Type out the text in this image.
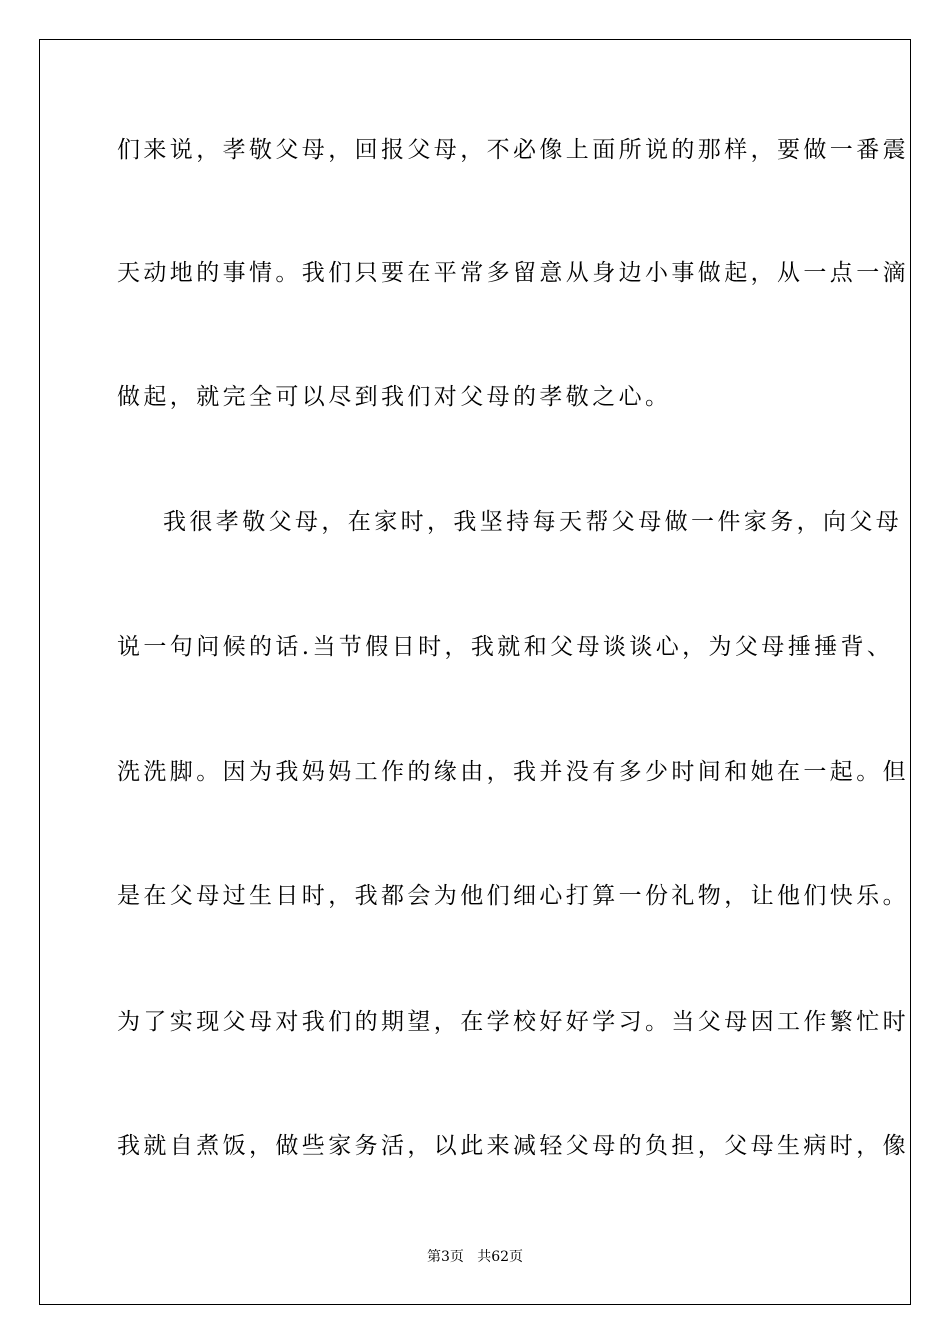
们来说，孝敬父母，回报父母，不必像上面所说的那样，要做一番震
天动地的事情。我们只要在平常多留意从身边小事做起，从一点一滴
做起，就完全可以尽到我们对父母的孝敬之心。
我很孝敬父母，在家时，我坚持每天帮父母做一件家务，向父母
说一句问候的话.当节假日时，我就和父母谈谈心，为父母捶捶背、
洗洗脚。因为我妈妈工作的缘由，我并没有多少时间和她在一起。但
是在父母过生日时，我都会为他们细心打算一份礼物，让他们快乐。
为了实现父母对我们的期望，在学校好好学习。当父母因工作繁忙时
我就自煮饭，做些家务活，以此来减轻父母的负担，父母生病时，像
第3页   共62页
